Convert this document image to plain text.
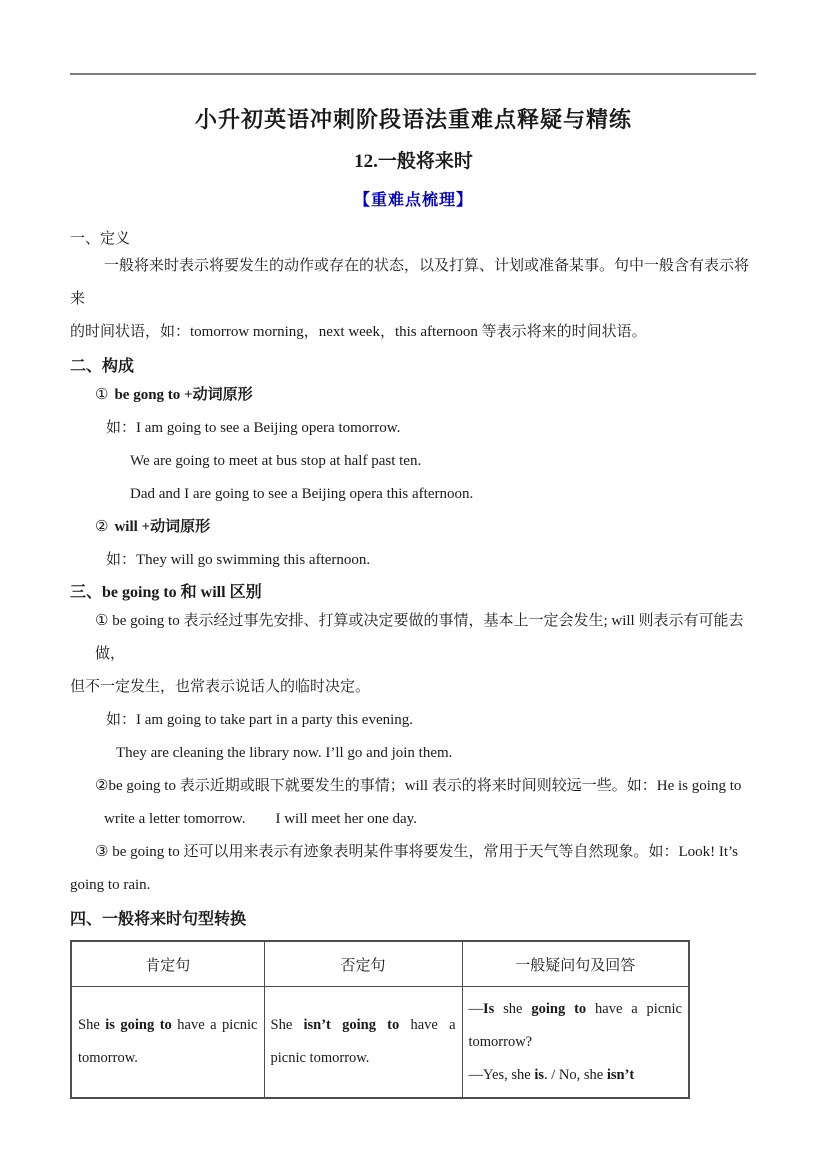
小升初英语冲刺阶段语法重难点释疑与精练
12.一般将来时
【重难点梳理】
一、定义
一般将来时表示将要发生的动作或存在的状态，以及打算、计划或准备某事。句中一般含有表示将来
的时间状语，如：tomorrow morning，next week，this afternoon 等表示将来的时间状语。
二、构成
① be gong to +动词原形
如：I am going to see a Beijing opera tomorrow.
We are going to meet at bus stop at half past ten.
Dad and I are going to see a Beijing opera this afternoon.
② will +动词原形
如：They will go swimming this afternoon.
三、be going to 和 will 区别
① be going to 表示经过事先安排、打算或决定要做的事情，基本上一定会发生; will 则表示有可能去做，
但不一定发生，也常表示说话人的临时决定。
如：I am going to take part in a party this evening.
They are cleaning the library now. I’ll go and join them.
②be going to 表示近期或眼下就要发生的事情；will 表示的将来时间则较远一些。如：He is going to
write a letter tomorrow.　　I will meet her one day.
③ be going to 还可以用来表示有迹象表明某件事将要发生，常用于天气等自然现象。如：Look! It’s
going to rain.
四、一般将来时句型转换
肯定句	否定句	一般疑问句及回答

She is going to have a picnic tomorrow.	She isn’t going to have a picnic tomorrow.	—Is she going to have a picnic tomorrow?

—Yes, she is. / No, she isn’t
